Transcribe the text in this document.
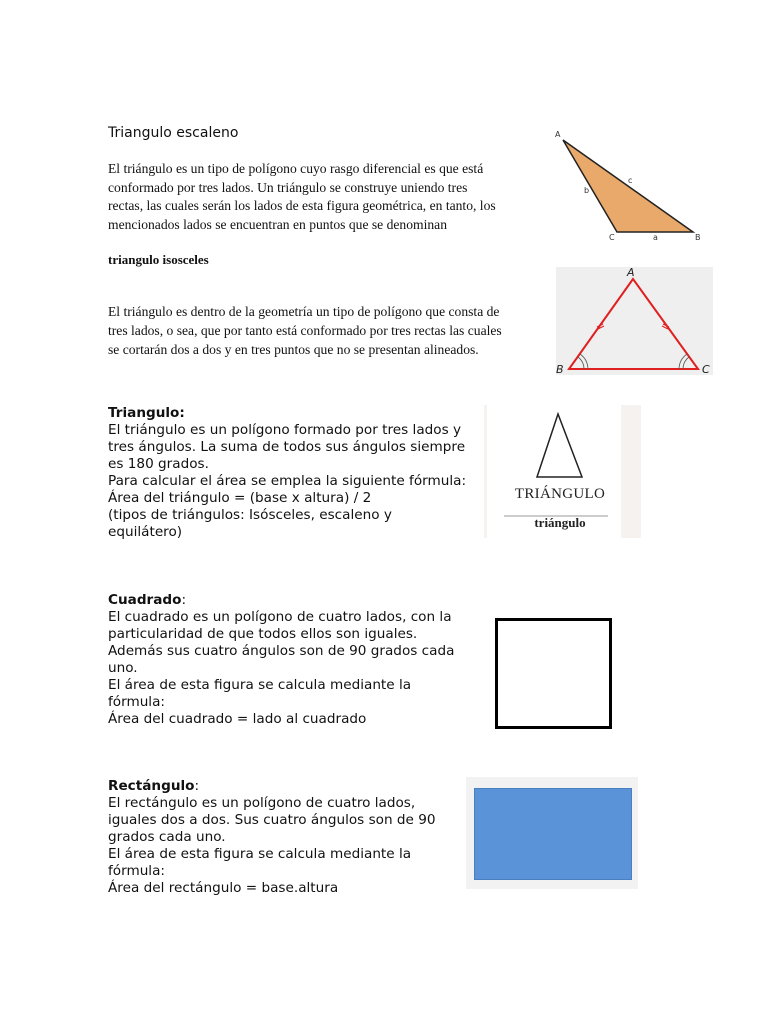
Triangulo escaleno
El triángulo es un tipo de polígono cuyo rasgo diferencial es que está
conformado por tres lados. Un triángulo se construye uniendo tres
rectas, las cuales serán los lados de esta figura geométrica, en tanto, los
mencionados lados se encuentran en puntos que se denominan
A
B
C	a
b
c
triangulo isosceles
El triángulo es dentro de la geometría un tipo de polígono que consta de
tres lados, o sea, que por tanto está conformado por tres rectas las cuales
se cortarán dos a dos y en tres puntos que no se presentan alineados.
A
B	C
Triangulo:
El triángulo es un polígono formado por tres lados y
tres ángulos. La suma de todos sus ángulos siempre
es 180 grados.
Para calcular el área se emplea la siguiente fórmula:
Área del triángulo = (base x altura) / 2
(tipos de triángulos: Isósceles, escaleno y
equilátero)
TRIÁNGULO
triángulo
Cuadrado:
El cuadrado es un polígono de cuatro lados, con la
particularidad de que todos ellos son iguales.
Además sus cuatro ángulos son de 90 grados cada
uno.
El área de esta figura se calcula mediante la
fórmula:
Área del cuadrado = lado al cuadrado
Rectángulo:
El rectángulo es un polígono de cuatro lados,
iguales dos a dos. Sus cuatro ángulos son de 90
grados cada uno.
El área de esta figura se calcula mediante la
fórmula:
Área del rectángulo = base.altura
